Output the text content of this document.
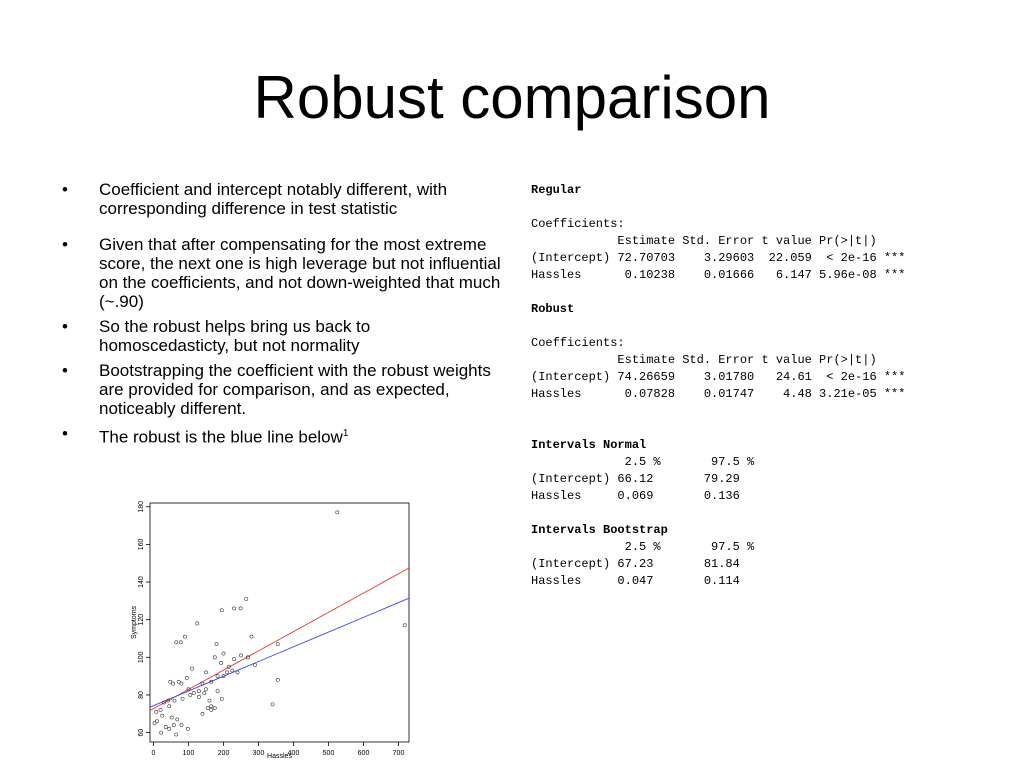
Robust comparison
• Coefficient and intercept notably different, with corresponding difference in test statistic
• Given that after compensating for the most extreme score, the next one is high leverage but not influential on the coefficients, and not down-weighted that much (~.90)
• So the robust helps bring us back to homoscedasticty, but not normality
• Bootstrapping the coefficient with the robust weights are provided for comparison, and as expected, noticeably different.
• The robust is the blue line below$^1$
Regular
Coefficients:
Estimate Std. Error t value Pr(>|t|)
(Intercept) 72.70703    3.29603  22.059  < 2e-16 ***
Hassles      0.10238    0.01666   6.147 5.96e-08 ***
Robust
Coefficients:
Estimate Std. Error t value Pr(>|t|)
(Intercept) 74.26659    3.01780   24.61  < 2e-16 ***
Hassles      0.07828    0.01747    4.48 3.21e-05 ***
Intervals Normal
2.5 %       97.5 %
(Intercept) 66.12       79.29
Hassles     0.069       0.136
Intervals Bootstrap
2.5 %       97.5 %
(Intercept) 67.23       81.84
Hassles     0.047       0.114
0	100	200	300	400	500	600	700
60
80
100
120
140
160
180
Hassles
Symptoms
